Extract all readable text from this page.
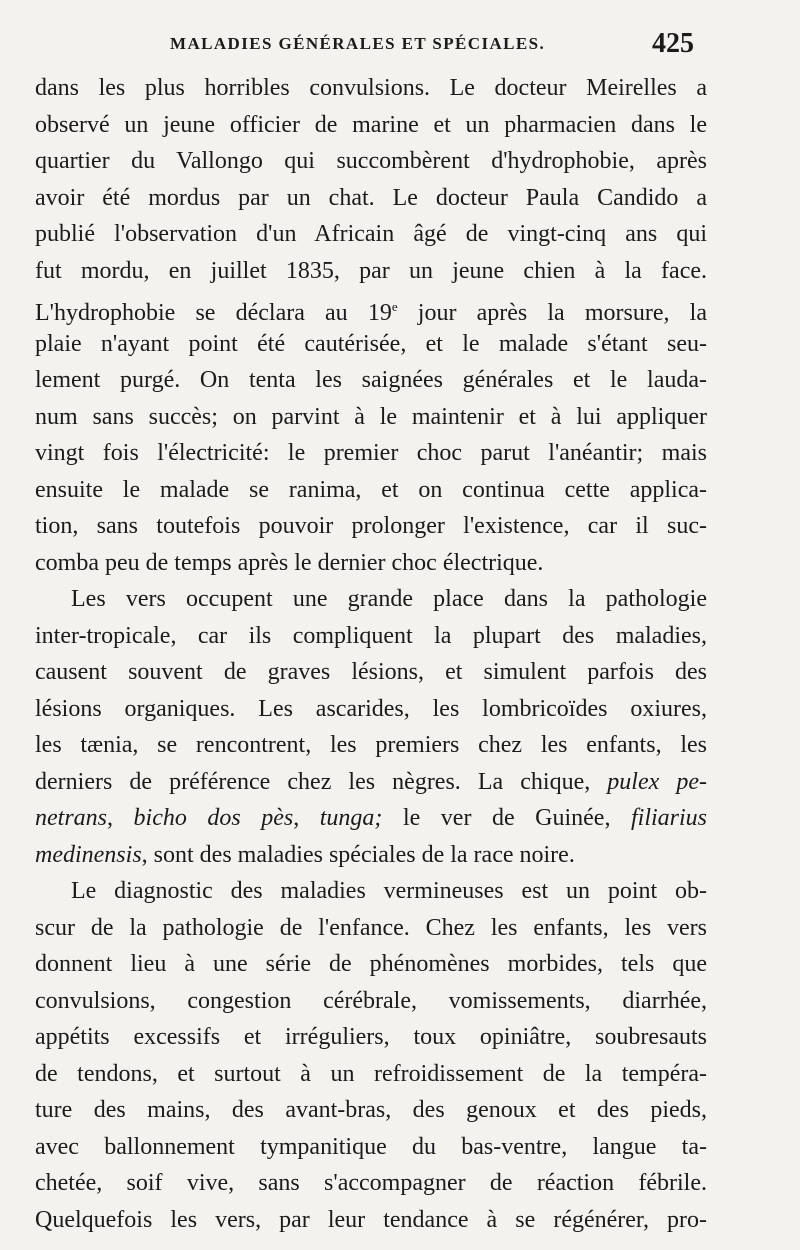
MALADIES GÉNÉRALES ET SPÉCIALES.	425
dans les plus horribles convulsions. Le docteur Meirelles a
observé un jeune officier de marine et un pharmacien dans le
quartier du Vallongo qui succombèrent d'hydrophobie, après
avoir été mordus par un chat. Le docteur Paula Candido a
publié l'observation d'un Africain âgé de vingt-cinq ans qui
fut mordu, en juillet 1835, par un jeune chien à la face.
L'hydrophobie se déclara au 19e jour après la morsure, la
plaie n'ayant point été cautérisée, et le malade s'étant seu-
lement purgé. On tenta les saignées générales et le lauda-
num sans succès; on parvint à le maintenir et à lui appliquer
vingt fois l'électricité: le premier choc parut l'anéantir; mais
ensuite le malade se ranima, et on continua cette applica-
tion, sans toutefois pouvoir prolonger l'existence, car il suc-
comba peu de temps après le dernier choc électrique.
Les vers occupent une grande place dans la pathologie
inter-tropicale, car ils compliquent la plupart des maladies,
causent souvent de graves lésions, et simulent parfois des
lésions organiques. Les ascarides, les lombricoïdes oxiures,
les tænia, se rencontrent, les premiers chez les enfants, les
derniers de préférence chez les nègres. La chique, pulex pe-
netrans, bicho dos pès, tunga; le ver de Guinée, filiarius
medinensis, sont des maladies spéciales de la race noire.
Le diagnostic des maladies vermineuses est un point ob-
scur de la pathologie de l'enfance. Chez les enfants, les vers
donnent lieu à une série de phénomènes morbides, tels que
convulsions, congestion cérébrale, vomissements, diarrhée,
appétits excessifs et irréguliers, toux opiniâtre, soubresauts
de tendons, et surtout à un refroidissement de la tempéra-
ture des mains, des avant-bras, des genoux et des pieds,
avec ballonnement tympanitique du bas-ventre, langue ta-
chetée, soif vive, sans s'accompagner de réaction fébrile.
Quelquefois les vers, par leur tendance à se régénérer, pro-
